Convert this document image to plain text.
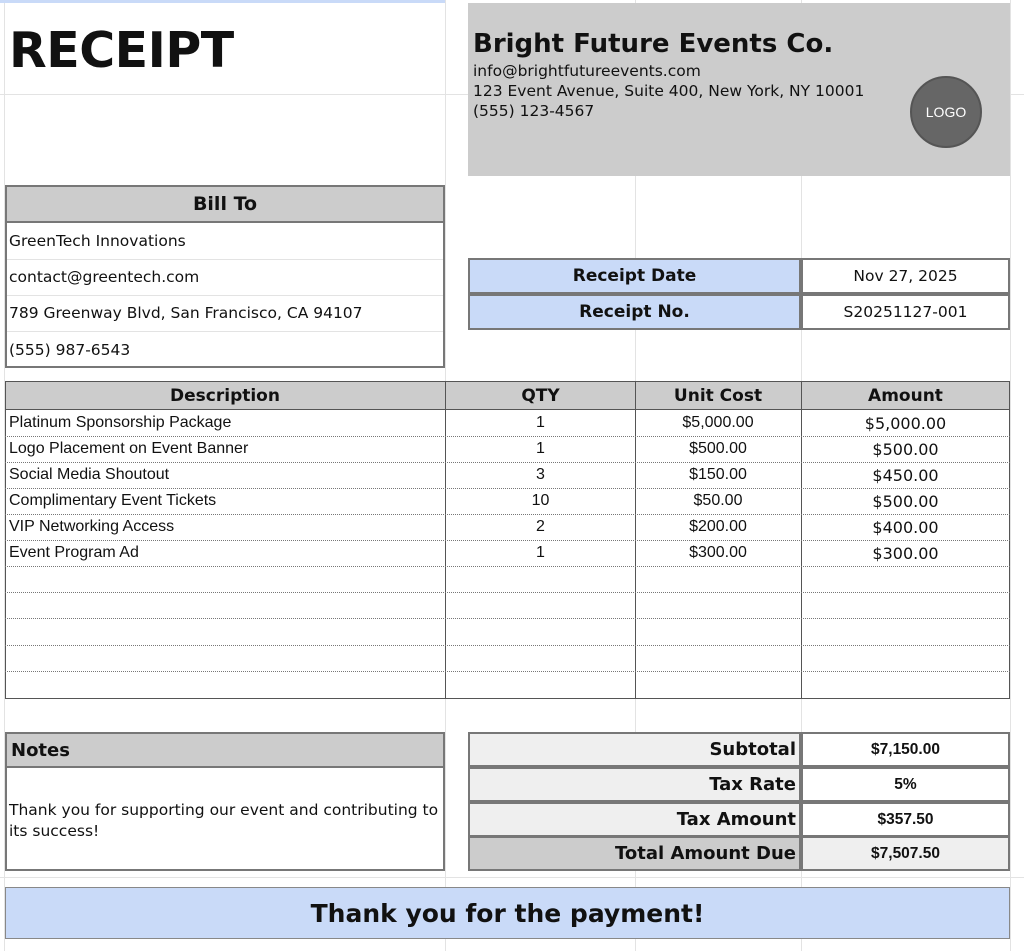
RECEIPT	Bright Future Events Co.
info@brightfutureevents.com
123 Event Avenue, Suite 400, New York, NY 10001
(555) 123-4567	LOGO
Bill To
GreenTech Innovations
contact@greentech.com
789 Greenway Blvd, San Francisco, CA 94107
(555) 987-6543
Receipt Date	Nov 27, 2025
Receipt No.	S20251127-001
Description	QTY	Unit Cost	Amount
Platinum Sponsorship Package	1	$5,000.00	$5,000.00
Logo Placement on Event Banner	1	$500.00	$500.00
Social Media Shoutout	3	$150.00	$450.00
Complimentary Event Tickets	10	$50.00	$500.00
VIP Networking Access	2	$200.00	$400.00
Event Program Ad	1	$300.00	$300.00
Notes
Thank you for supporting our event and contributing to its success!
Subtotal	$7,150.00
Tax Rate	5%
Tax Amount	$357.50
Total Amount Due	$7,507.50
Thank you for the payment!
